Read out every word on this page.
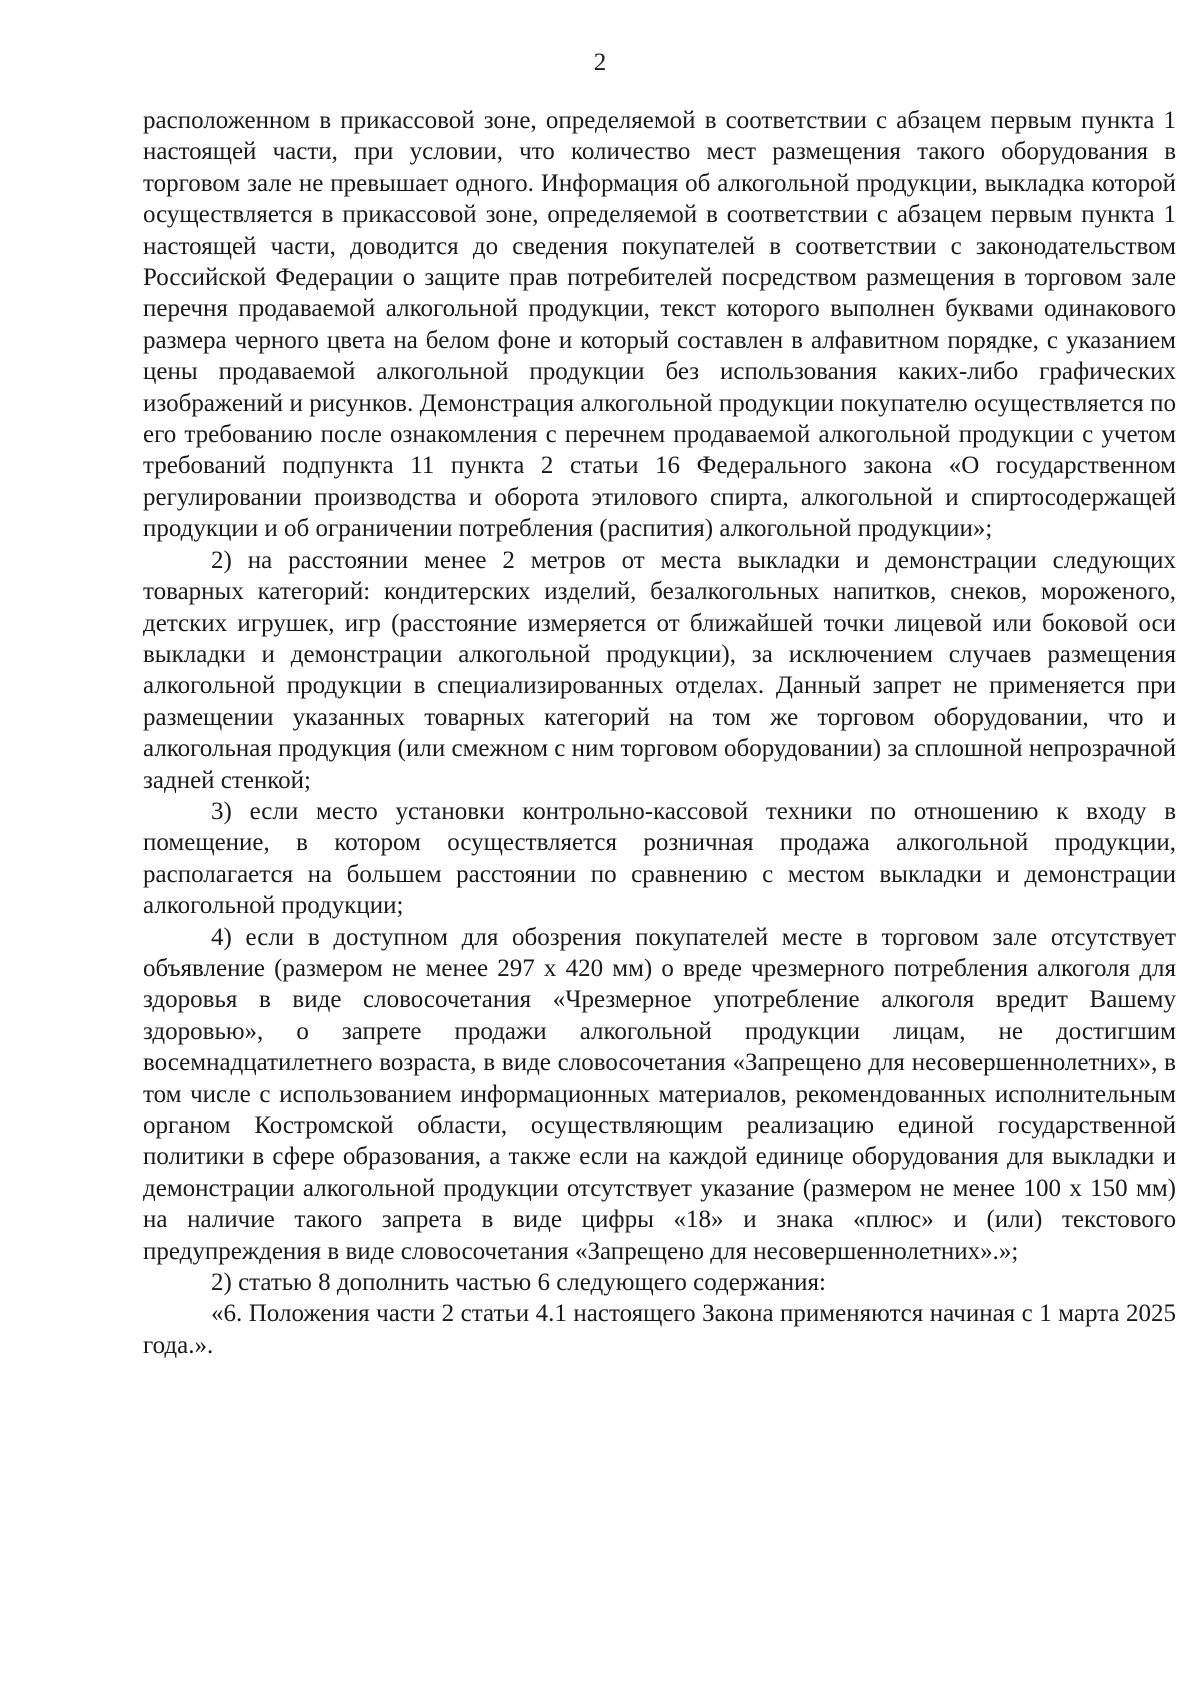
2

расположенном в прикассовой зоне, определяемой в соответствии с абзацем первым пункта 1 настоящей части, при условии, что количество мест размещения такого оборудования в торговом зале не превышает одного. Информация об алкогольной продукции, выкладка которой осуществляется в прикассовой зоне, определяемой в соответствии с абзацем первым пункта 1 настоящей части, доводится до сведения покупателей в соответствии с законодательством Российской Федерации о защите прав потребителей посредством размещения в торговом зале перечня продаваемой алкогольной продукции, текст которого выполнен буквами одинакового размера черного цвета на белом фоне и который составлен в алфавитном порядке, с указанием цены продаваемой алкогольной продукции без использования каких-либо графических изображений и рисунков. Демонстрация алкогольной продукции покупателю осуществляется по его требованию после ознакомления с перечнем продаваемой алкогольной продукции с учетом требований подпункта 11 пункта 2 статьи 16 Федерального закона «О государственном регулировании производства и оборота этилового спирта, алкогольной и спиртосодержащей продукции и об ограничении потребления (распития) алкогольной продукции»;

2) на расстоянии менее 2 метров от места выкладки и демонстрации следующих товарных категорий: кондитерских изделий, безалкогольных напитков, снеков, мороженого, детских игрушек, игр (расстояние измеряется от ближайшей точки лицевой или боковой оси выкладки и демонстрации алкогольной продукции), за исключением случаев размещения алкогольной продукции в специализированных отделах. Данный запрет не применяется при размещении указанных товарных категорий на том же торговом оборудовании, что и алкогольная продукция (или смежном с ним торговом оборудовании) за сплошной непрозрачной задней стенкой;

3) если место установки контрольно-кассовой техники по отношению к входу в помещение, в котором осуществляется розничная продажа алкогольной продукции, располагается на большем расстоянии по сравнению с местом выкладки и демонстрации алкогольной продукции;

4) если в доступном для обозрения покупателей месте в торговом зале отсутствует объявление (размером не менее 297 х 420 мм) о вреде чрезмерного потребления алкоголя для здоровья в виде словосочетания «Чрезмерное употребление алкоголя вредит Вашему здоровью», о запрете продажи алкогольной продукции лицам, не достигшим восемнадцатилетнего возраста, в виде словосочетания «Запрещено для несовершеннолетних», в том числе с использованием информационных материалов, рекомендованных исполнительным органом Костромской области, осуществляющим реализацию единой государственной политики в сфере образования, а также если на каждой единице оборудования для выкладки и демонстрации алкогольной продукции отсутствует указание (размером не менее 100 х 150 мм) на наличие такого запрета в виде цифры «18» и знака «плюс» и (или) текстового предупреждения в виде словосочетания «Запрещено для несовершеннолетних».»;

2) статью 8 дополнить частью 6 следующего содержания:

«6. Положения части 2 статьи 4.1 настоящего Закона применяются начиная с 1 марта 2025 года.».
